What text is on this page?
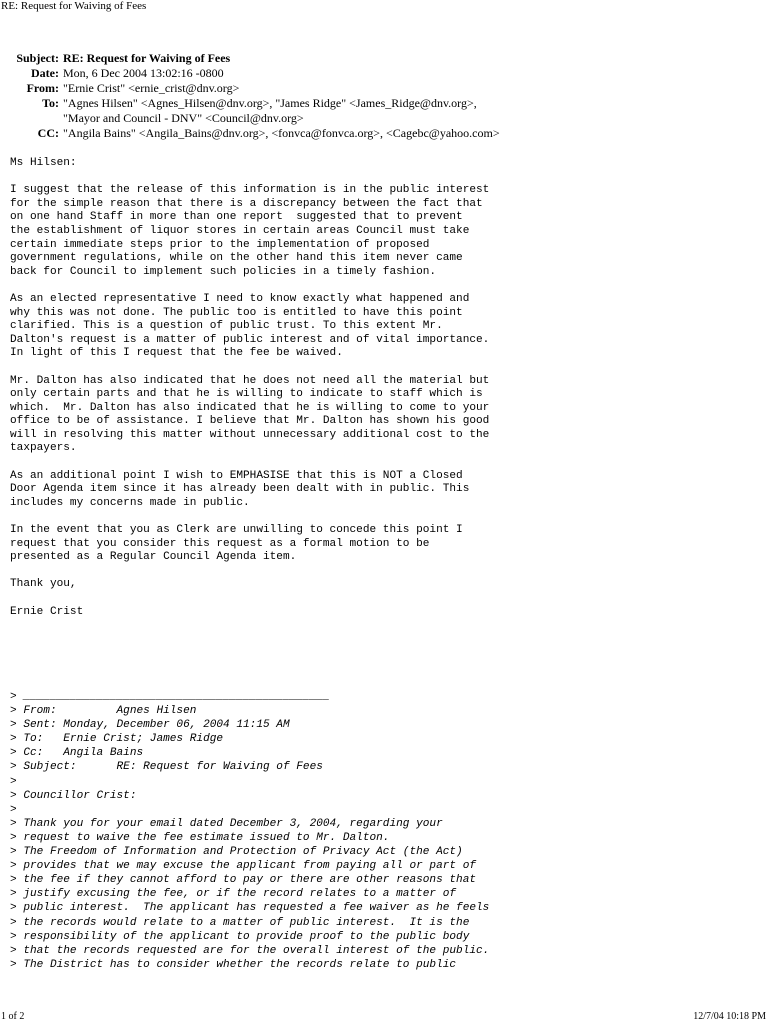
RE: Request for Waiving of Fees
Subject: RE: Request for Waiving of Fees
Date: Mon, 6 Dec 2004 13:02:16 -0800
From: "Ernie Crist" <ernie_crist@dnv.org>
To: "Agnes Hilsen" <Agnes_Hilsen@dnv.org>, "James Ridge" <James_Ridge@dnv.org>,
"Mayor and Council - DNV" <Council@dnv.org>
CC: "Angila Bains" <Angila_Bains@dnv.org>, <fonvca@fonvca.org>, <Cagebc@yahoo.com>
Ms Hilsen:

I suggest that the release of this information is in the public interest
for the simple reason that there is a discrepancy between the fact that
on one hand Staff in more than one report  suggested that to prevent
the establishment of liquor stores in certain areas Council must take
certain immediate steps prior to the implementation of proposed
government regulations, while on the other hand this item never came
back for Council to implement such policies in a timely fashion.

As an elected representative I need to know exactly what happened and
why this was not done. The public too is entitled to have this point
clarified. This is a question of public trust. To this extent Mr.
Dalton's request is a matter of public interest and of vital importance.
In light of this I request that the fee be waived.

Mr. Dalton has also indicated that he does not need all the material but
only certain parts and that he is willing to indicate to staff which is
which.  Mr. Dalton has also indicated that he is willing to come to your
office to be of assistance. I believe that Mr. Dalton has shown his good
will in resolving this matter without unnecessary additional cost to the
taxpayers.

As an additional point I wish to EMPHASISE that this is NOT a Closed
Door Agenda item since it has already been dealt with in public. This
includes my concerns made in public.

In the event that you as Clerk are unwilling to concede this point I
request that you consider this request as a formal motion to be
presented as a Regular Council Agenda item.

Thank you,

Ernie Crist
> ______________________________________________
> From:         Agnes Hilsen
> Sent: Monday, December 06, 2004 11:15 AM
> To:   Ernie Crist; James Ridge
> Cc:   Angila Bains
> Subject:      RE: Request for Waiving of Fees
>
> Councillor Crist:
>
> Thank you for your email dated December 3, 2004, regarding your
> request to waive the fee estimate issued to Mr. Dalton.
> The Freedom of Information and Protection of Privacy Act (the Act)
> provides that we may excuse the applicant from paying all or part of
> the fee if they cannot afford to pay or there are other reasons that
> justify excusing the fee, or if the record relates to a matter of
> public interest.  The applicant has requested a fee waiver as he feels
> the records would relate to a matter of public interest.  It is the
> responsibility of the applicant to provide proof to the public body
> that the records requested are for the overall interest of the public.
> The District has to consider whether the records relate to public
1 of 2	12/7/04 10:18 PM
